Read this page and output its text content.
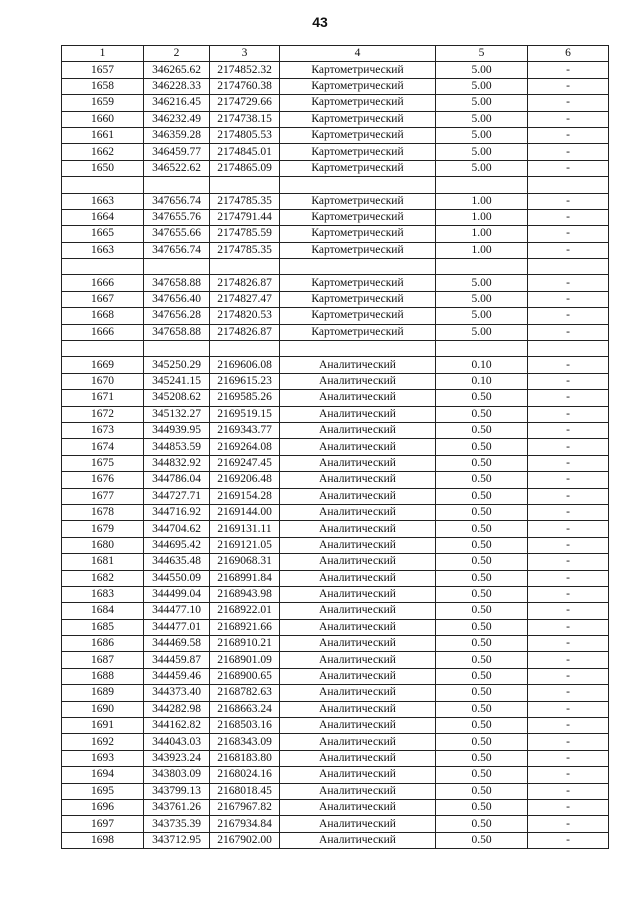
43
1	2	3	4	5	6
1657	346265.62	2174852.32	Картометрический	5.00	-
1658	346228.33	2174760.38	Картометрический	5.00	-
1659	346216.45	2174729.66	Картометрический	5.00	-
1660	346232.49	2174738.15	Картометрический	5.00	-
1661	346359.28	2174805.53	Картометрический	5.00	-
1662	346459.77	2174845.01	Картометрический	5.00	-
1650	346522.62	2174865.09	Картометрический	5.00	-

1663	347656.74	2174785.35	Картометрический	1.00	-
1664	347655.76	2174791.44	Картометрический	1.00	-
1665	347655.66	2174785.59	Картометрический	1.00	-
1663	347656.74	2174785.35	Картометрический	1.00	-

1666	347658.88	2174826.87	Картометрический	5.00	-
1667	347656.40	2174827.47	Картометрический	5.00	-
1668	347656.28	2174820.53	Картометрический	5.00	-
1666	347658.88	2174826.87	Картометрический	5.00	-

1669	345250.29	2169606.08	Аналитический	0.10	-
1670	345241.15	2169615.23	Аналитический	0.10	-
1671	345208.62	2169585.26	Аналитический	0.50	-
1672	345132.27	2169519.15	Аналитический	0.50	-
1673	344939.95	2169343.77	Аналитический	0.50	-
1674	344853.59	2169264.08	Аналитический	0.50	-
1675	344832.92	2169247.45	Аналитический	0.50	-
1676	344786.04	2169206.48	Аналитический	0.50	-
1677	344727.71	2169154.28	Аналитический	0.50	-
1678	344716.92	2169144.00	Аналитический	0.50	-
1679	344704.62	2169131.11	Аналитический	0.50	-
1680	344695.42	2169121.05	Аналитический	0.50	-
1681	344635.48	2169068.31	Аналитический	0.50	-
1682	344550.09	2168991.84	Аналитический	0.50	-
1683	344499.04	2168943.98	Аналитический	0.50	-
1684	344477.10	2168922.01	Аналитический	0.50	-
1685	344477.01	2168921.66	Аналитический	0.50	-
1686	344469.58	2168910.21	Аналитический	0.50	-
1687	344459.87	2168901.09	Аналитический	0.50	-
1688	344459.46	2168900.65	Аналитический	0.50	-
1689	344373.40	2168782.63	Аналитический	0.50	-
1690	344282.98	2168663.24	Аналитический	0.50	-
1691	344162.82	2168503.16	Аналитический	0.50	-
1692	344043.03	2168343.09	Аналитический	0.50	-
1693	343923.24	2168183.80	Аналитический	0.50	-
1694	343803.09	2168024.16	Аналитический	0.50	-
1695	343799.13	2168018.45	Аналитический	0.50	-
1696	343761.26	2167967.82	Аналитический	0.50	-
1697	343735.39	2167934.84	Аналитический	0.50	-
1698	343712.95	2167902.00	Аналитический	0.50	-
